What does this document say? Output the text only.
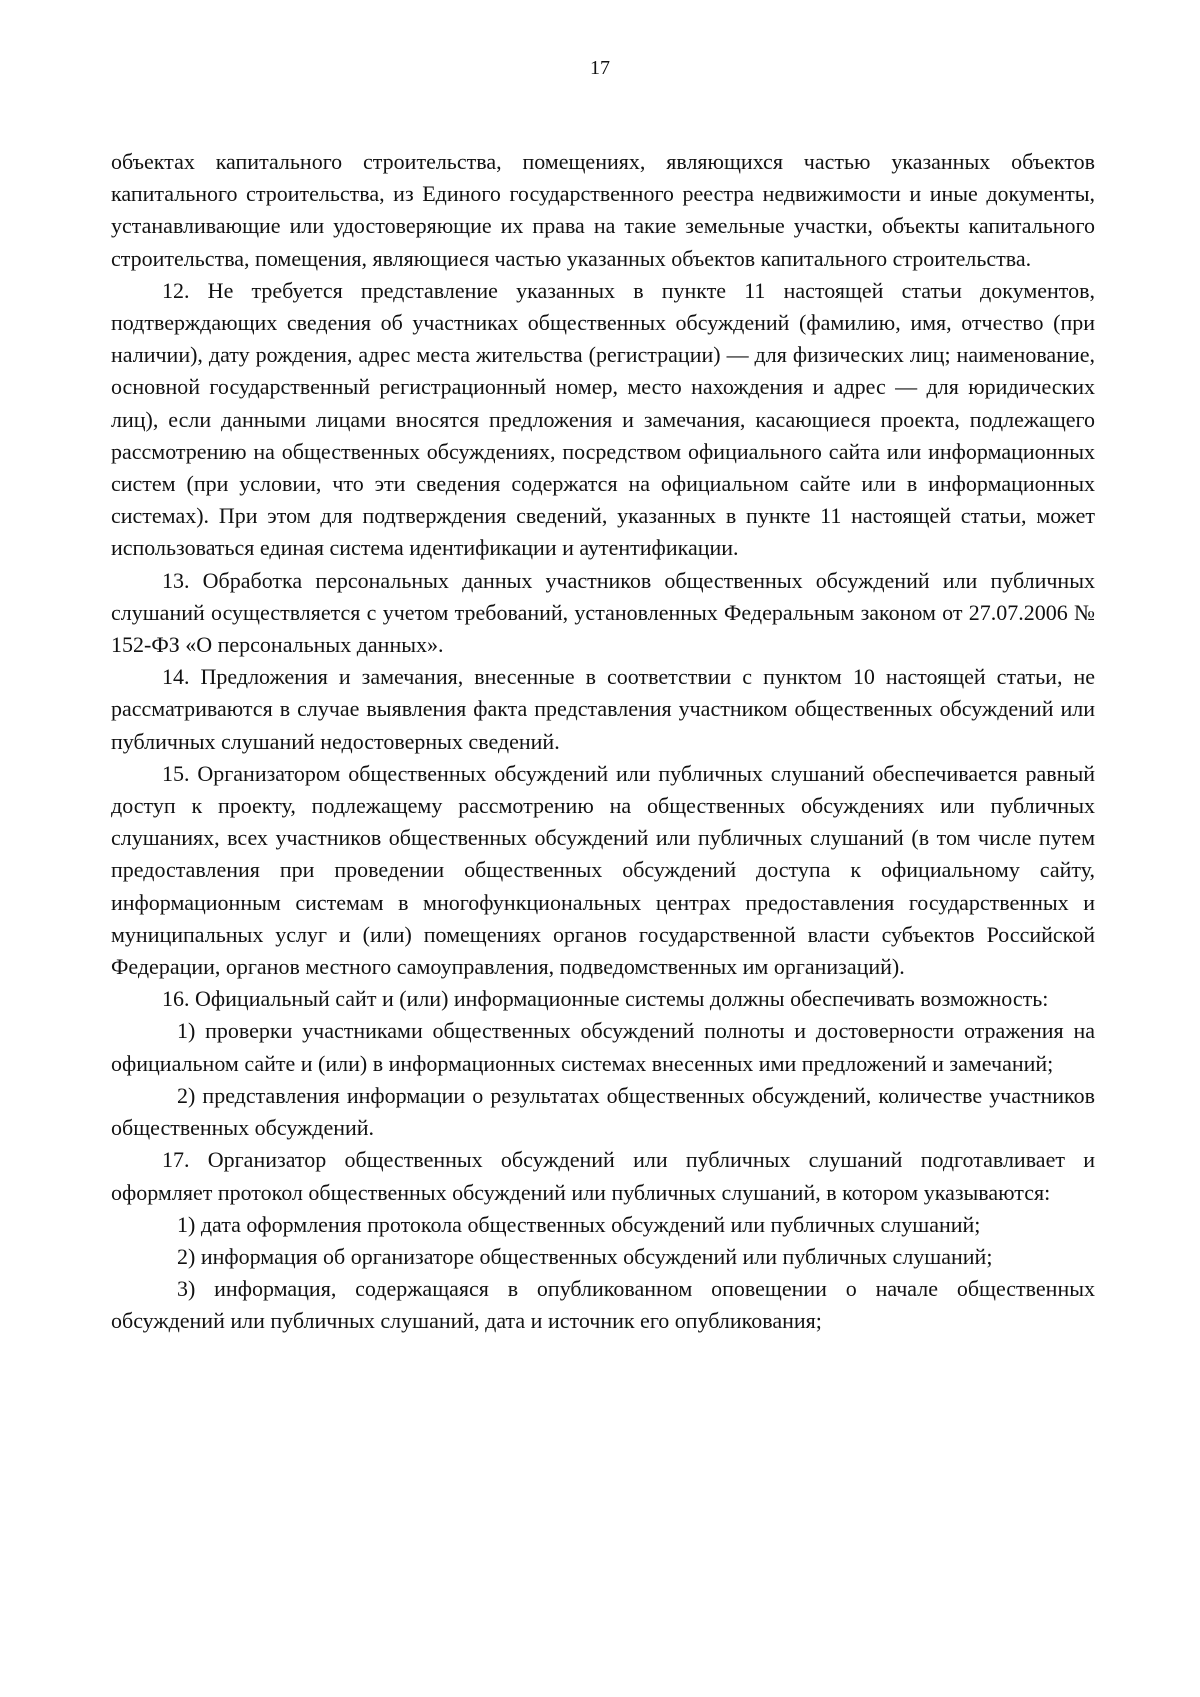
17

объектах капитального строительства, помещениях, являющихся частью указанных объектов капитального строительства, из Единого государственного реестра недвижимости и иные документы, устанавливающие или удостоверяющие их права на такие земельные участки, объекты капитального строительства, помещения, являющиеся частью указанных объектов капитального строительства.

12. Не требуется представление указанных в пункте 11 настоящей статьи документов, подтверждающих сведения об участниках общественных обсуждений (фамилию, имя, отчество (при наличии), дату рождения, адрес места жительства (регистрации) — для физических лиц; наименование, основной государственный регистрационный номер, место нахождения и адрес — для юридических лиц), если данными лицами вносятся предложения и замечания, касающиеся проекта, подлежащего рассмотрению на общественных обсуждениях, посредством официального сайта или информационных систем (при условии, что эти сведения содержатся на официальном сайте или в информационных системах). При этом для подтверждения сведений, указанных в пункте 11 настоящей статьи, может использоваться единая система идентификации и аутентификации.

13. Обработка персональных данных участников общественных обсуждений или публичных слушаний осуществляется с учетом требований, установленных Федеральным законом от 27.07.2006 № 152-ФЗ «О персональных данных».

14. Предложения и замечания, внесенные в соответствии с пунктом 10 настоящей статьи, не рассматриваются в случае выявления факта представления участником общественных обсуждений или публичных слушаний недостоверных сведений.

15. Организатором общественных обсуждений или публичных слушаний обеспечивается равный доступ к проекту, подлежащему рассмотрению на общественных обсуждениях или публичных слушаниях, всех участников общественных обсуждений или публичных слушаний (в том числе путем предоставления при проведении общественных обсуждений доступа к официальному сайту, информационным системам в многофункциональных центрах предоставления государственных и муниципальных услуг и (или) помещениях органов государственной власти субъектов Российской Федерации, органов местного самоуправления, подведомственных им организаций).

16. Официальный сайт и (или) информационные системы должны обеспечивать возможность:

1) проверки участниками общественных обсуждений полноты и достоверности отражения на официальном сайте и (или) в информационных системах внесенных ими предложений и замечаний;

2) представления информации о результатах общественных обсуждений, количестве участников общественных обсуждений.

17. Организатор общественных обсуждений или публичных слушаний подготавливает и оформляет протокол общественных обсуждений или публичных слушаний, в котором указываются:

1) дата оформления протокола общественных обсуждений или публичных слушаний;

2) информация об организаторе общественных обсуждений или публичных слушаний;

3) информация, содержащаяся в опубликованном оповещении о начале общественных обсуждений или публичных слушаний, дата и источник его опубликования;
